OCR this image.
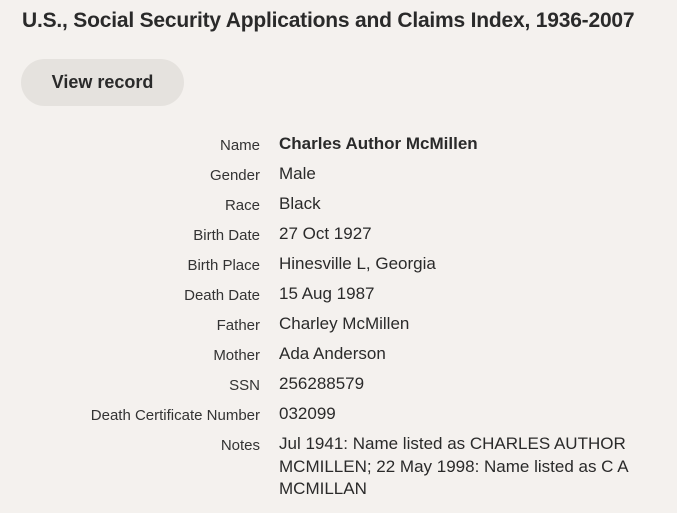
U.S., Social Security Applications and Claims Index, 1936-2007
View record
Name Charles Author McMillen
Gender Male
Race Black
Birth Date 27 Oct 1927
Birth Place Hinesville L, Georgia
Death Date 15 Aug 1987
Father Charley McMillen
Mother Ada Anderson
SSN 256288579
Death Certificate Number 032099
Notes Jul 1941: Name listed as CHARLES AUTHOR MCMILLEN; 22 May 1998: Name listed as C A MCMILLAN
